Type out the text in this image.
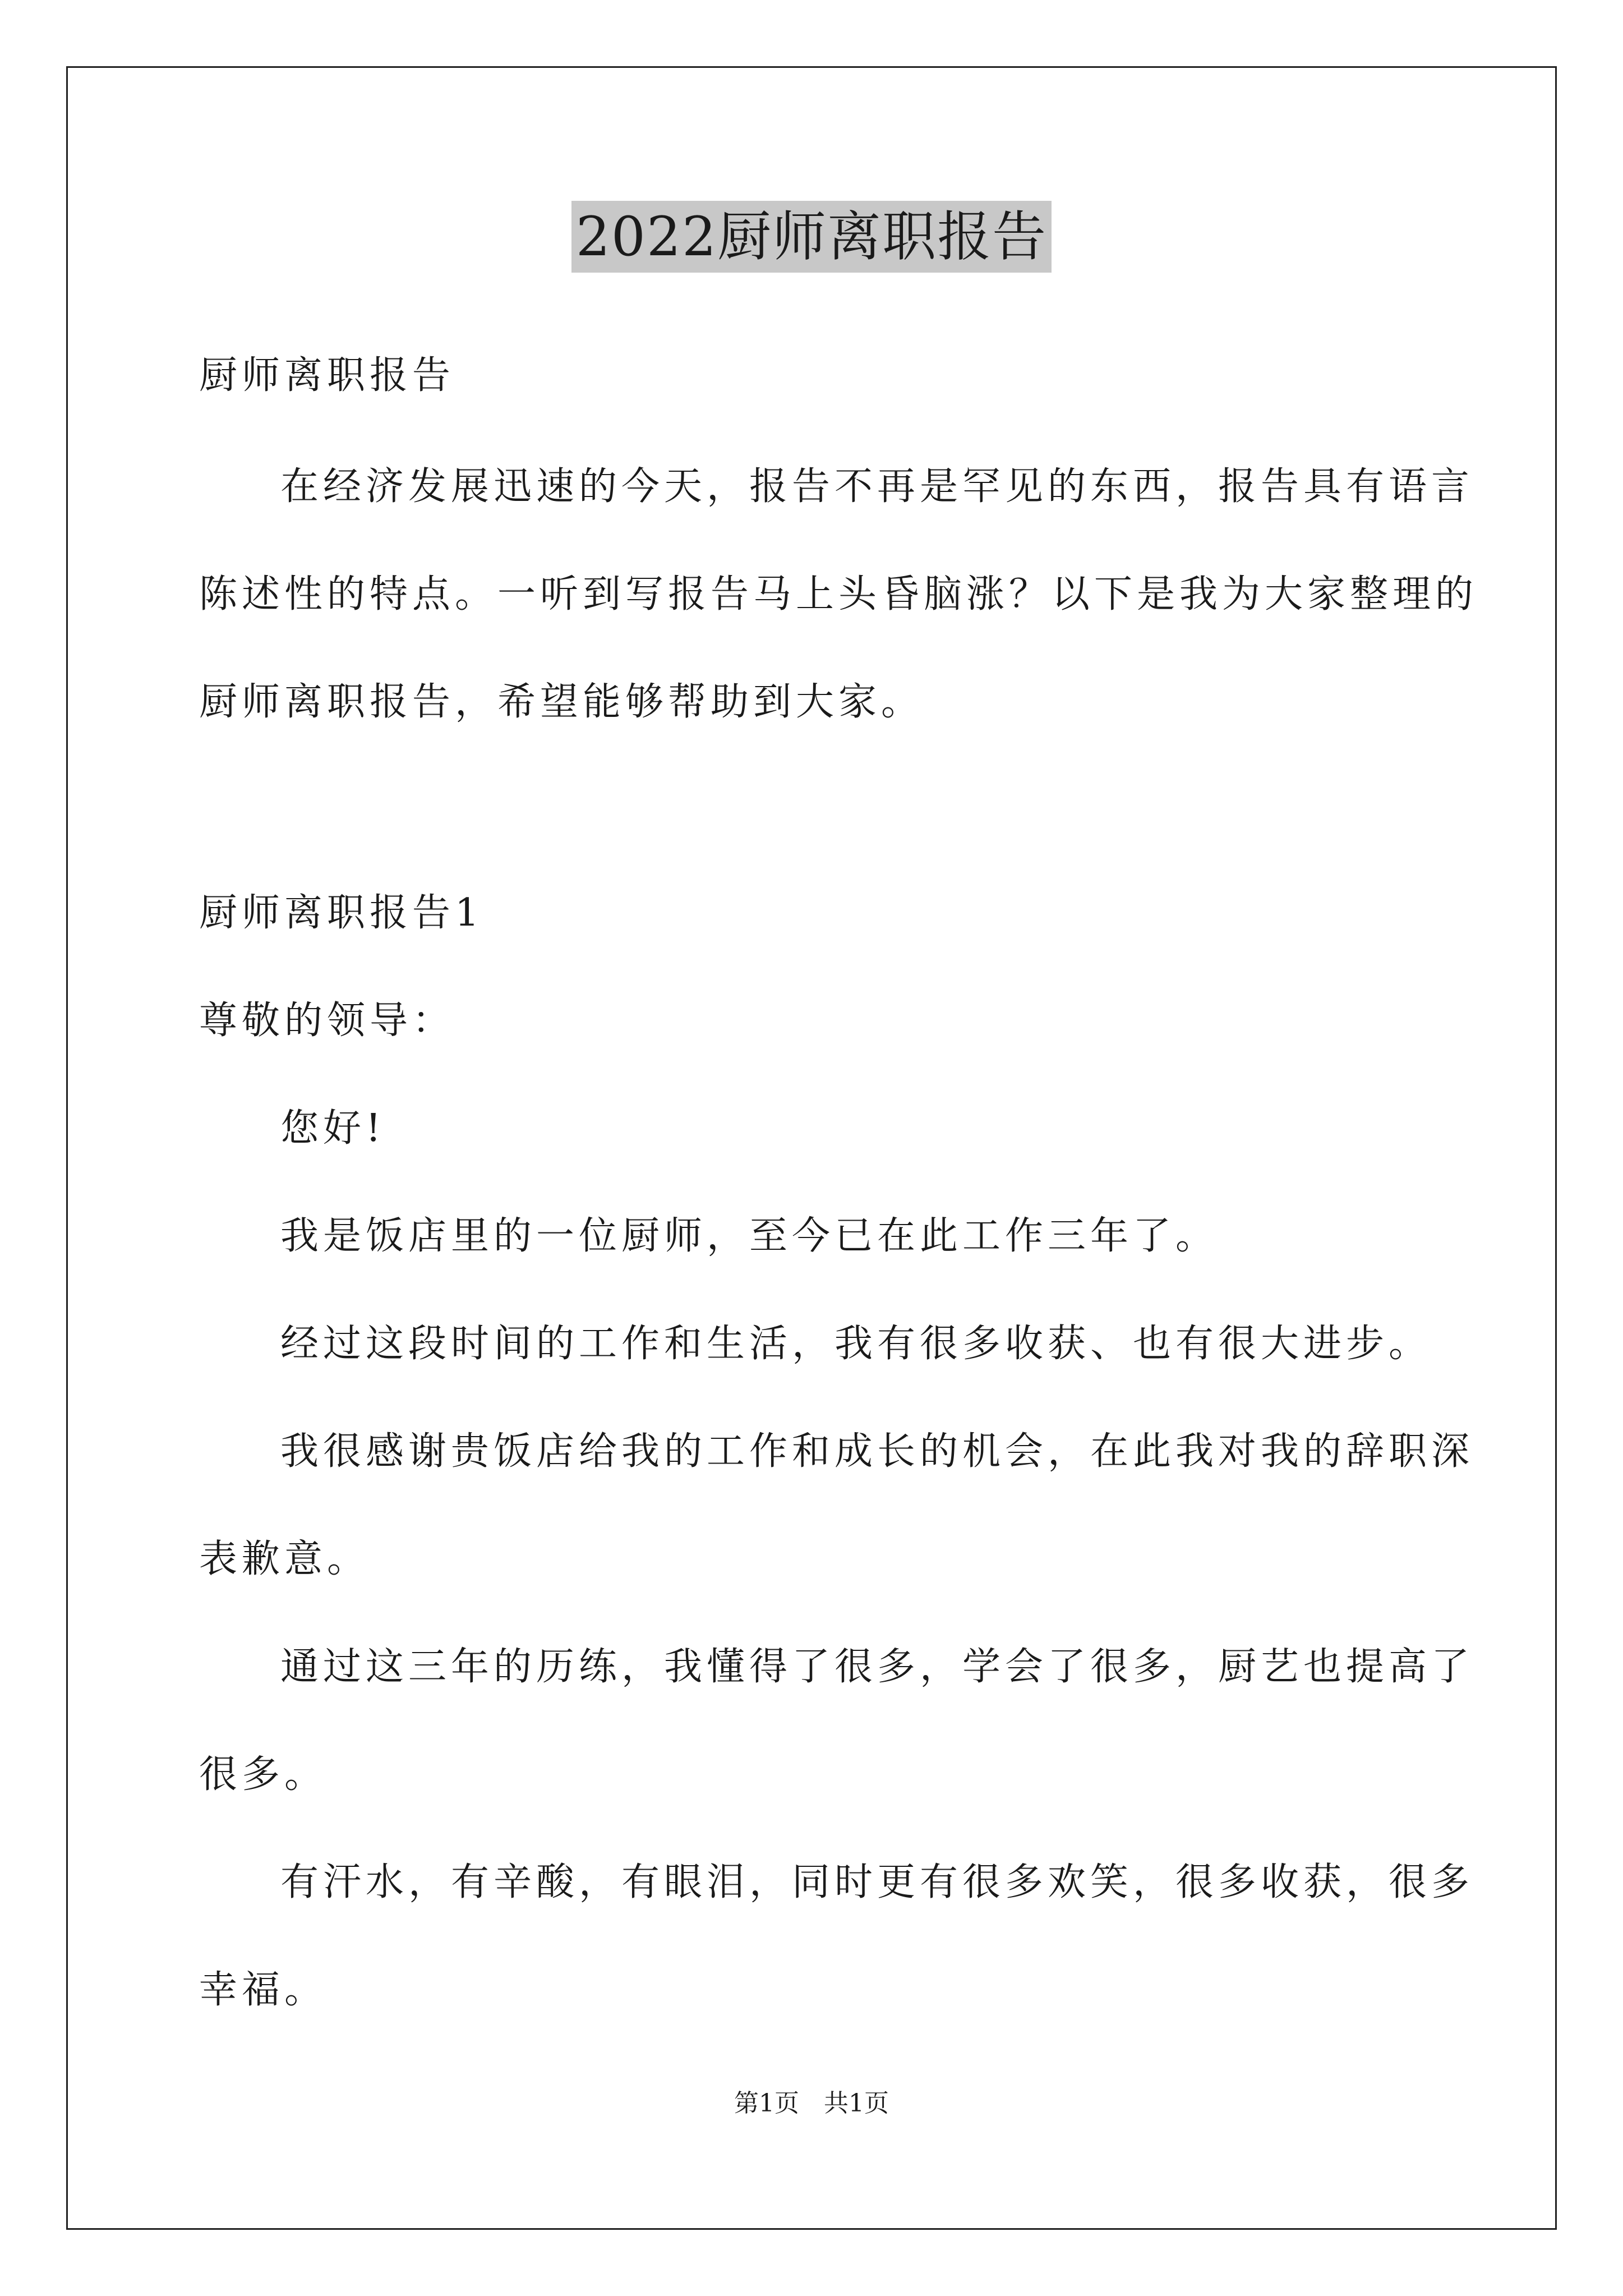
2022厨师离职报告
厨师离职报告
在经济发展迅速的今天，报告不再是罕见的东西，报告具有语言
陈述性的特点。一听到写报告马上头昏脑涨？以下是我为大家整理的
厨师离职报告，希望能够帮助到大家。
厨师离职报告1
尊敬的领导：
您好!
我是饭店里的一位厨师，至今已在此工作三年了。
经过这段时间的工作和生活，我有很多收获、也有很大进步。
我很感谢贵饭店给我的工作和成长的机会，在此我对我的辞职深
表歉意。
通过这三年的历练，我懂得了很多，学会了很多，厨艺也提高了
很多。
有汗水，有辛酸，有眼泪，同时更有很多欢笑，很多收获，很多
幸福。
第1页　共1页
